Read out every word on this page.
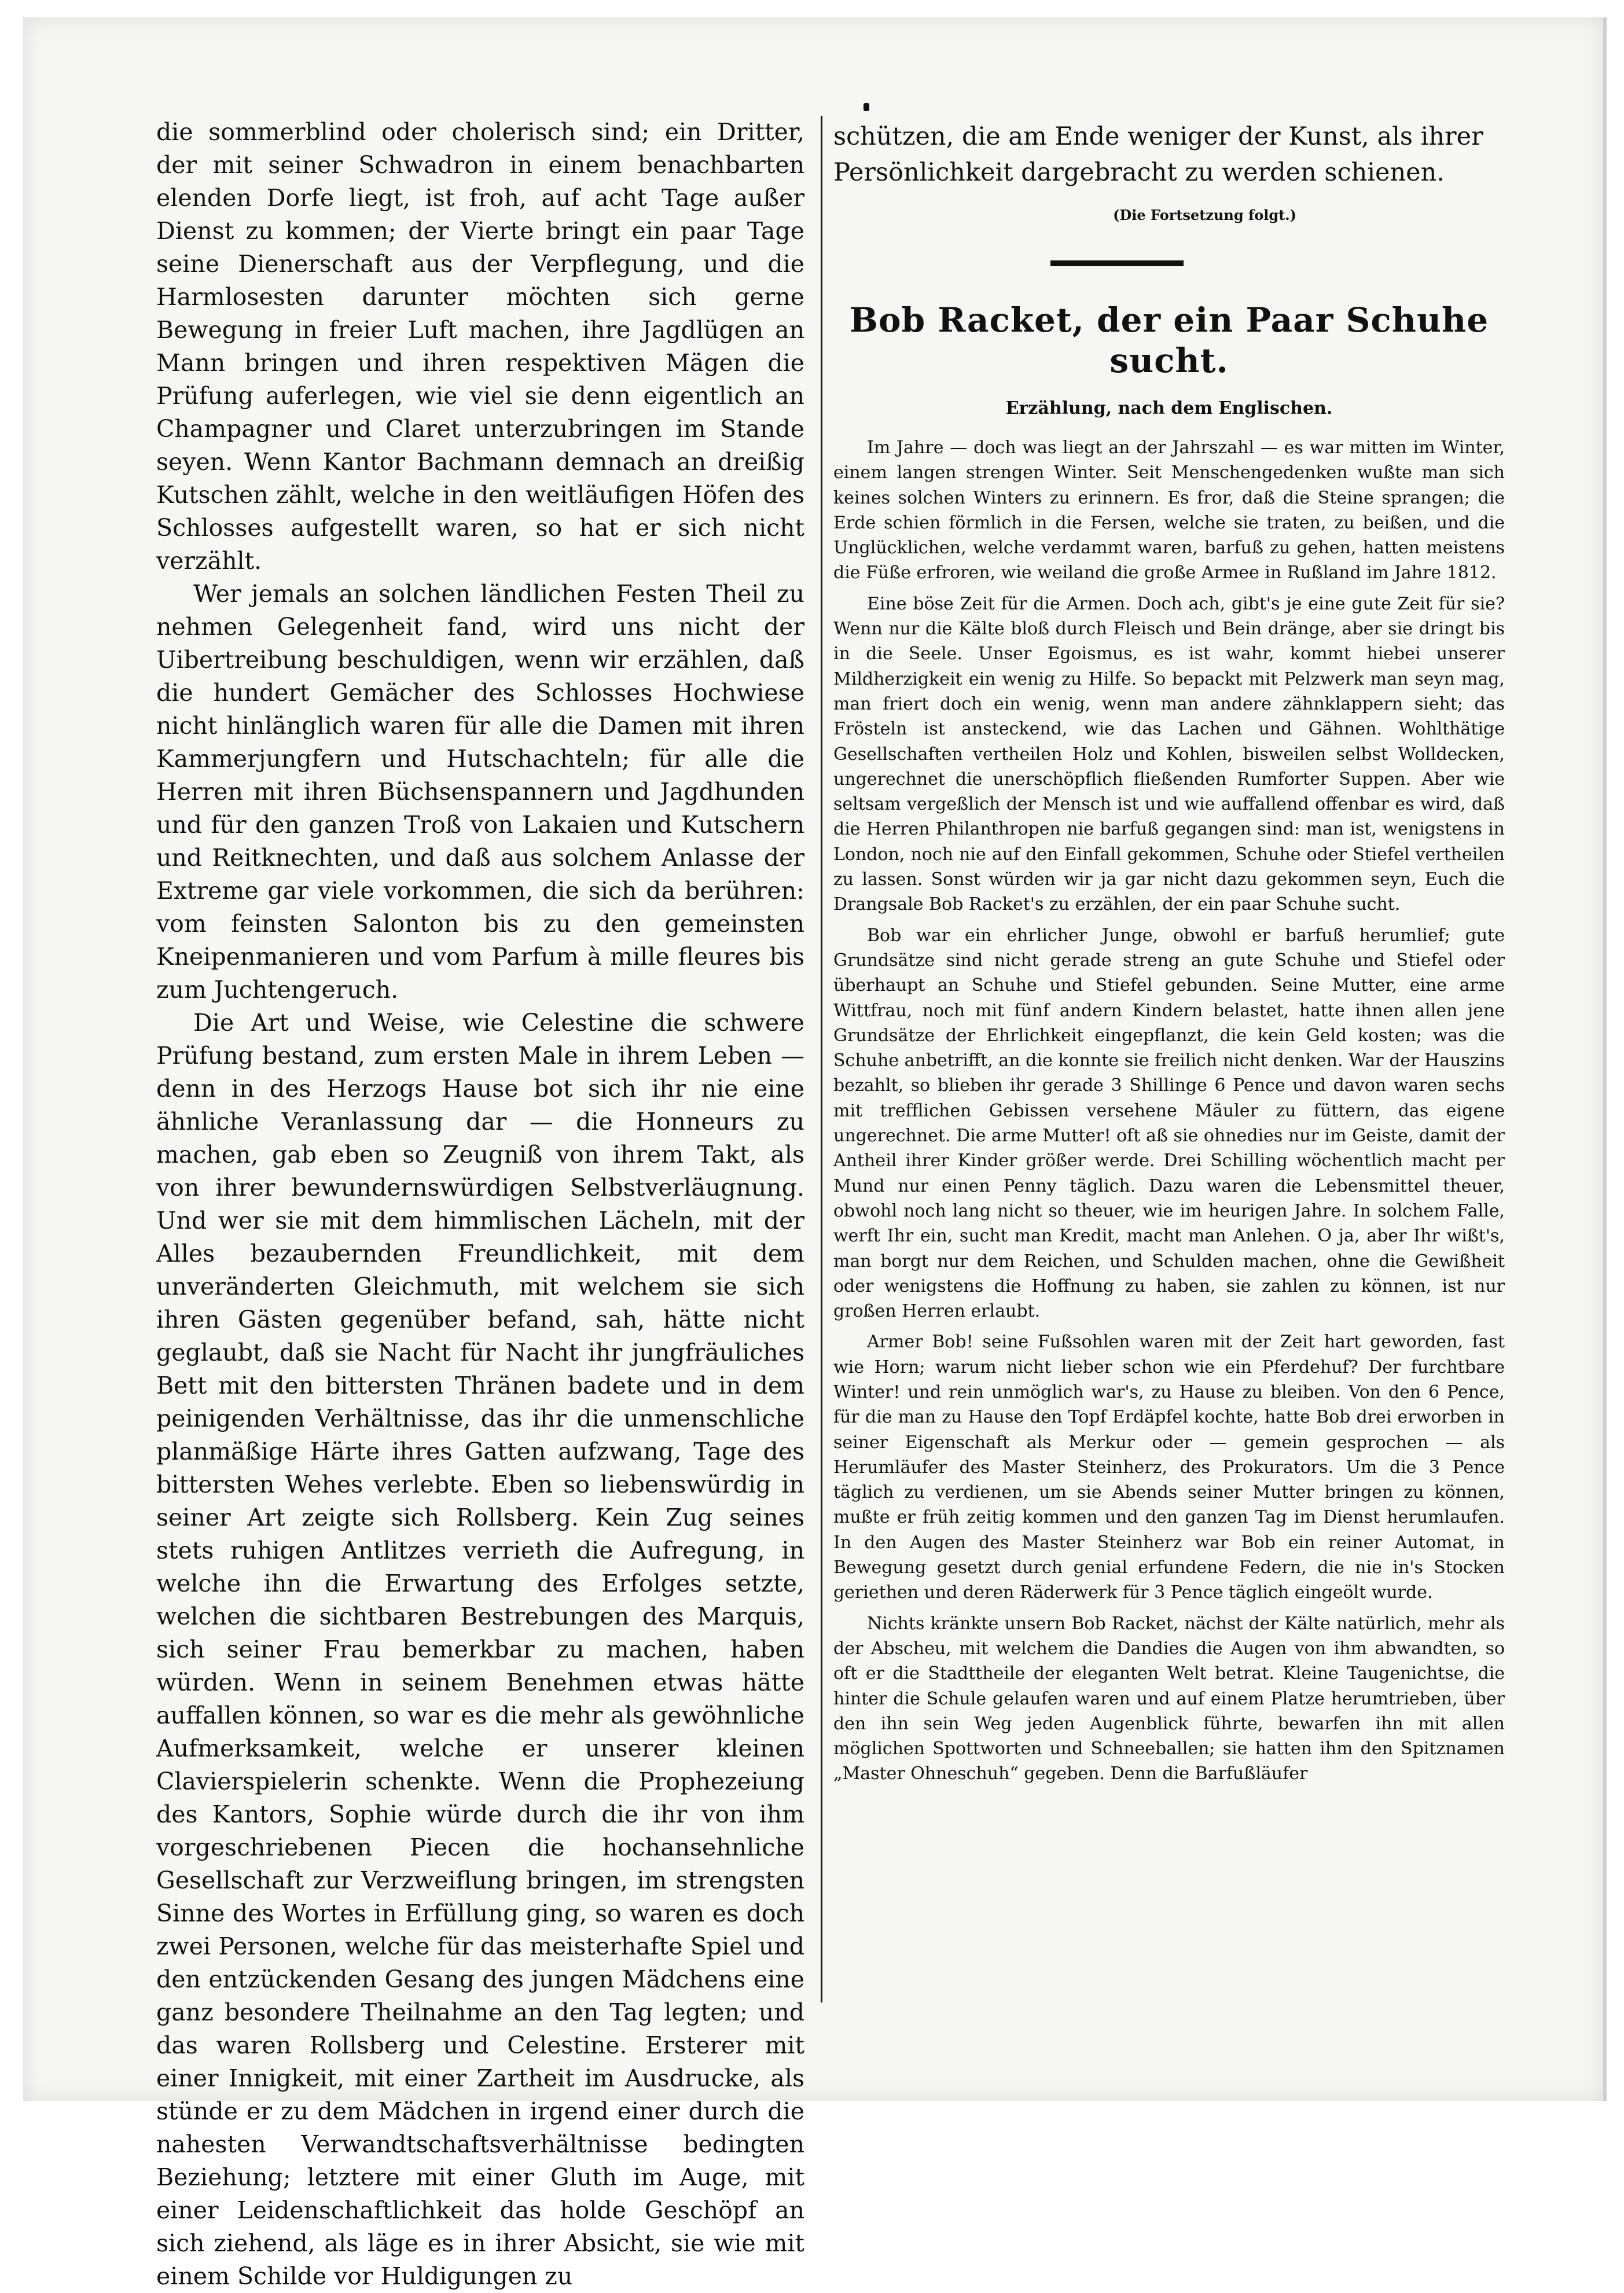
die sommerblind oder cholerisch sind; ein Dritter, der mit seiner Schwadron in einem benachbarten elenden Dorfe liegt, ist froh, auf acht Tage außer Dienst zu kommen; der Vierte bringt ein paar Tage seine Dienerschaft aus der Verpflegung, und die Harmlosesten darunter möchten sich gerne Bewegung in freier Luft machen, ihre Jagdlügen an Mann bringen und ihren respektiven Mägen die Prüfung auferlegen, wie viel sie denn eigentlich an Champagner und Claret unterzubringen im Stande seyen. Wenn Kantor Bachmann demnach an dreißig Kutschen zählt, welche in den weitläufigen Höfen des Schlosses aufgestellt waren, so hat er sich nicht verzählt.

Wer jemals an solchen ländlichen Festen Theil zu nehmen Gelegenheit fand, wird uns nicht der Uibertreibung beschuldigen, wenn wir erzählen, daß die hundert Gemächer des Schlosses Hochwiese nicht hinlänglich waren für alle die Damen mit ihren Kammerjungfern und Hutschachteln; für alle die Herren mit ihren Büchsenspannern und Jagdhunden und für den ganzen Troß von Lakaien und Kutschern und Reitknechten, und daß aus solchem Anlasse der Extreme gar viele vorkommen, die sich da berühren: vom feinsten Salonton bis zu den gemeinsten Kneipenmanieren und vom Parfum à mille fleures bis zum Juchtengeruch.

Die Art und Weise, wie Celestine die schwere Prüfung bestand, zum ersten Male in ihrem Leben — denn in des Herzogs Hause bot sich ihr nie eine ähnliche Veranlassung dar — die Honneurs zu machen, gab eben so Zeugniß von ihrem Takt, als von ihrer bewundernswürdigen Selbstverläugnung. Und wer sie mit dem himmlischen Lächeln, mit der Alles bezaubernden Freundlichkeit, mit dem unveränderten Gleichmuth, mit welchem sie sich ihren Gästen gegenüber befand, sah, hätte nicht geglaubt, daß sie Nacht für Nacht ihr jungfräuliches Bett mit den bittersten Thränen badete und in dem peinigenden Verhältnisse, das ihr die unmenschliche planmäßige Härte ihres Gatten aufzwang, Tage des bittersten Wehes verlebte. Eben so liebenswürdig in seiner Art zeigte sich Rollsberg. Kein Zug seines stets ruhigen Antlitzes verrieth die Aufregung, in welche ihn die Erwartung des Erfolges setzte, welchen die sichtbaren Bestrebungen des Marquis, sich seiner Frau bemerkbar zu machen, haben würden. Wenn in seinem Benehmen etwas hätte auffallen können, so war es die mehr als gewöhnliche Aufmerksamkeit, welche er unserer kleinen Clavierspielerin schenkte. Wenn die Prophezeiung des Kantors, Sophie würde durch die ihr von ihm vorgeschriebenen Piecen die hochansehnliche Gesellschaft zur Verzweiflung bringen, im strengsten Sinne des Wortes in Erfüllung ging, so waren es doch zwei Personen, welche für das meisterhafte Spiel und den entzückenden Gesang des jungen Mädchens eine ganz besondere Theilnahme an den Tag legten; und das waren Rollsberg und Celestine. Ersterer mit einer Innigkeit, mit einer Zartheit im Ausdrucke, als stünde er zu dem Mädchen in irgend einer durch die nahesten Verwandtschaftsverhältnisse bedingten Beziehung; letztere mit einer Gluth im Auge, mit einer Leidenschaftlichkeit das holde Geschöpf an sich ziehend, als läge es in ihrer Absicht, sie wie mit einem Schilde vor Huldigungen zu

schützen, die am Ende weniger der Kunst, als ihrer Persönlichkeit dargebracht zu werden schienen.

(Die Fortsetzung folgt.)

Bob Racket, der ein Paar Schuhe sucht.

Erzählung, nach dem Englischen.

Im Jahre — doch was liegt an der Jahrszahl — es war mitten im Winter, einem langen strengen Winter. Seit Menschengedenken wußte man sich keines solchen Winters zu erinnern. Es fror, daß die Steine sprangen; die Erde schien förmlich in die Fersen, welche sie traten, zu beißen, und die Unglücklichen, welche verdammt waren, barfuß zu gehen, hatten meistens die Füße erfroren, wie weiland die große Armee in Rußland im Jahre 1812.

Eine böse Zeit für die Armen. Doch ach, gibt's je eine gute Zeit für sie? Wenn nur die Kälte bloß durch Fleisch und Bein dränge, aber sie dringt bis in die Seele. Unser Egoismus, es ist wahr, kommt hiebei unserer Mildherzigkeit ein wenig zu Hilfe. So bepackt mit Pelzwerk man seyn mag, man friert doch ein wenig, wenn man andere zähnklappern sieht; das Frösteln ist ansteckend, wie das Lachen und Gähnen. Wohlthätige Gesellschaften vertheilen Holz und Kohlen, bisweilen selbst Wolldecken, ungerechnet die unerschöpflich fließenden Rumforter Suppen. Aber wie seltsam vergeßlich der Mensch ist und wie auffallend offenbar es wird, daß die Herren Philanthropen nie barfuß gegangen sind: man ist, wenigstens in London, noch nie auf den Einfall gekommen, Schuhe oder Stiefel vertheilen zu lassen. Sonst würden wir ja gar nicht dazu gekommen seyn, Euch die Drangsale Bob Racket's zu erzählen, der ein paar Schuhe sucht.

Bob war ein ehrlicher Junge, obwohl er barfuß herumlief; gute Grundsätze sind nicht gerade streng an gute Schuhe und Stiefel oder überhaupt an Schuhe und Stiefel gebunden. Seine Mutter, eine arme Wittfrau, noch mit fünf andern Kindern belastet, hatte ihnen allen jene Grundsätze der Ehrlichkeit eingepflanzt, die kein Geld kosten; was die Schuhe anbetrifft, an die konnte sie freilich nicht denken. War der Hauszins bezahlt, so blieben ihr gerade 3 Shillinge 6 Pence und davon waren sechs mit trefflichen Gebissen versehene Mäuler zu füttern, das eigene ungerechnet. Die arme Mutter! oft aß sie ohnedies nur im Geiste, damit der Antheil ihrer Kinder größer werde. Drei Schilling wöchentlich macht per Mund nur einen Penny täglich. Dazu waren die Lebensmittel theuer, obwohl noch lang nicht so theuer, wie im heurigen Jahre. In solchem Falle, werft Ihr ein, sucht man Kredit, macht man Anlehen. O ja, aber Ihr wißt's, man borgt nur dem Reichen, und Schulden machen, ohne die Gewißheit oder wenigstens die Hoffnung zu haben, sie zahlen zu können, ist nur großen Herren erlaubt.

Armer Bob! seine Fußsohlen waren mit der Zeit hart geworden, fast wie Horn; warum nicht lieber schon wie ein Pferdehuf? Der furchtbare Winter! und rein unmöglich war's, zu Hause zu bleiben. Von den 6 Pence, für die man zu Hause den Topf Erdäpfel kochte, hatte Bob drei erworben in seiner Eigenschaft als Merkur oder — gemein gesprochen — als Herumläufer des Master Steinherz, des Prokurators. Um die 3 Pence täglich zu verdienen, um sie Abends seiner Mutter bringen zu können, mußte er früh zeitig kommen und den ganzen Tag im Dienst herumlaufen. In den Augen des Master Steinherz war Bob ein reiner Automat, in Bewegung gesetzt durch genial erfundene Federn, die nie in's Stocken geriethen und deren Räderwerk für 3 Pence täglich eingeölt wurde.

Nichts kränkte unsern Bob Racket, nächst der Kälte natürlich, mehr als der Abscheu, mit welchem die Dandies die Augen von ihm abwandten, so oft er die Stadttheile der eleganten Welt betrat. Kleine Taugenichtse, die hinter die Schule gelaufen waren und auf einem Platze herumtrieben, über den ihn sein Weg jeden Augenblick führte, bewarfen ihn mit allen möglichen Spottworten und Schneeballen; sie hatten ihm den Spitznamen „Master Ohneschuh“ gegeben. Denn die Barfußläufer
